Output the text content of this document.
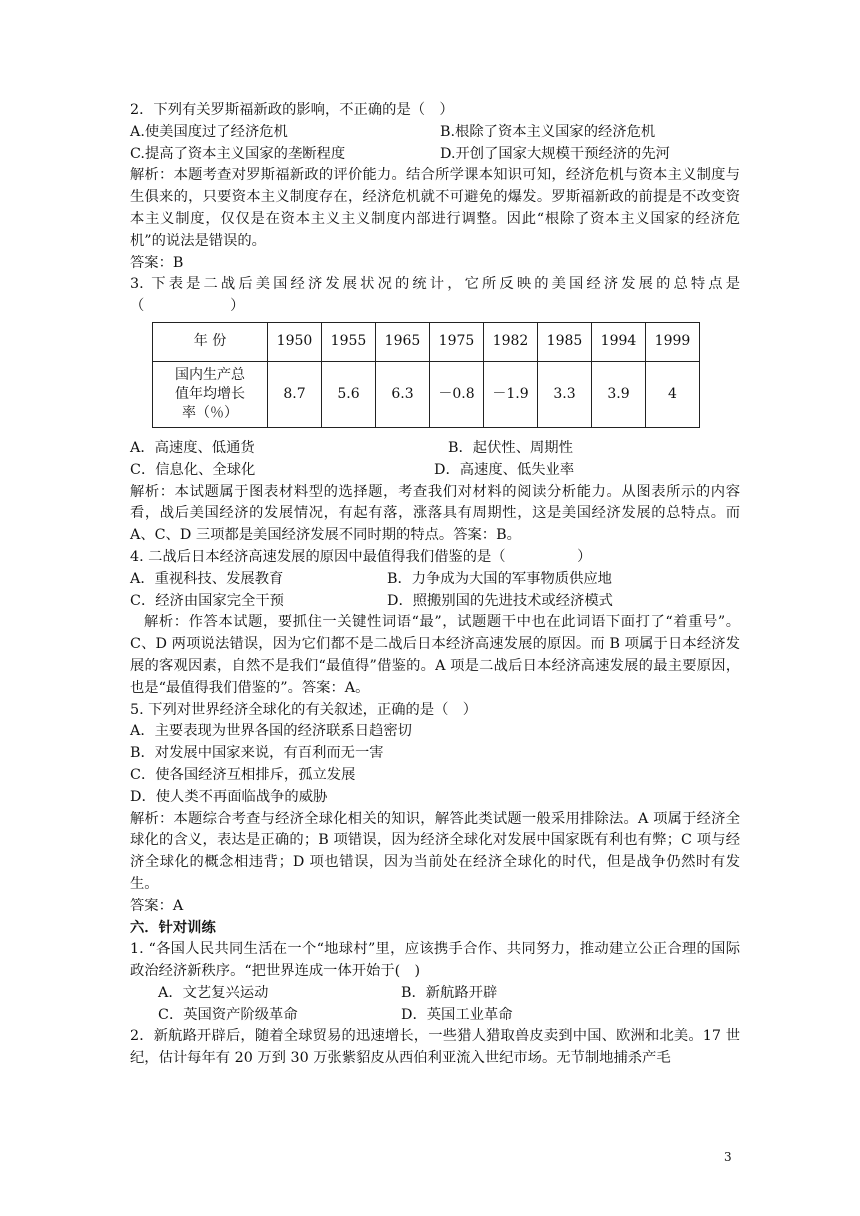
2．下列有关罗斯福新政的影响，不正确的是（　）
A.使美国度过了经济危机	B.根除了资本主义国家的经济危机
C.提高了资本主义国家的垄断程度	D.开创了国家大规模干预经济的先河
解析：本题考查对罗斯福新政的评价能力。结合所学课本知识可知，经济危机与资本主义制度与生俱来的，只要资本主义制度存在，经济危机就不可避免的爆发。罗斯福新政的前提是不改变资本主义制度，仅仅是在资本主义主义制度内部进行调整。因此“根除了资本主义国家的经济危机”的说法是错误的。
答案：B
3. 下表是二战后美国经济发展状况的统计，它所反映的美国经济发展的总特点是
（　　　　　　）
年 份	1950	1955	1965	1975	1982	1985	1994	1999

国内生产总
值年均增长
率（％）	8.7	5.6	6.3	－0.8	－1.9	3.3	3.9	4
A．高速度、低通货	B．起伏性、周期性
C．信息化、全球化	D．高速度、低失业率
解析：本试题属于图表材料型的选择题，考查我们对材料的阅读分析能力。从图表所示的内容看，战后美国经济的发展情况，有起有落，涨落具有周期性，这是美国经济发展的总特点。而 A、C、D 三项都是美国经济发展不同时期的特点。答案：B。
4. 二战后日本经济高速发展的原因中最值得我们借鉴的是（　　　　　）
A．重视科技、发展教育	B．力争成为大国的军事物质供应地
C．经济由国家完全干预	D．照搬别国的先进技术或经济模式
解析：作答本试题，要抓住一关键性词语“最”，试题题干中也在此词语下面打了“着重号”。C、D 两项说法错误，因为它们都不是二战后日本经济高速发展的原因。而 B 项属于日本经济发展的客观因素，自然不是我们“最值得”借鉴的。A 项是二战后日本经济高速发展的最主要原因，也是“最值得我们借鉴的”。答案：A。
5. 下列对世界经济全球化的有关叙述，正确的是（　）
A．主要表现为世界各国的经济联系日趋密切
B．对发展中国家来说，有百利而无一害
C．使各国经济互相排斥，孤立发展
D．使人类不再面临战争的威胁
解析：本题综合考查与经济全球化相关的知识，解答此类试题一般采用排除法。A 项属于经济全球化的含义，表达是正确的；B 项错误，因为经济全球化对发展中国家既有利也有弊；C 项与经济全球化的概念相违背；D 项也错误，因为当前处在经济全球化的时代，但是战争仍然时有发生。
答案：A
六．针对训练
1. “各国人民共同生活在一个“地球村”里，应该携手合作、共同努力，推动建立公正合理的国际政治经济新秩序。“把世界连成一体开始于(　)
A．文艺复兴运动	B．新航路开辟
C．英国资产阶级革命	D．英国工业革命
2．新航路开辟后，随着全球贸易的迅速增长，一些猎人猎取兽皮卖到中国、欧洲和北美。17 世纪，估计每年有 20 万到 30 万张紫貂皮从西伯利亚流入世纪市场。无节制地捕杀产毛
3
